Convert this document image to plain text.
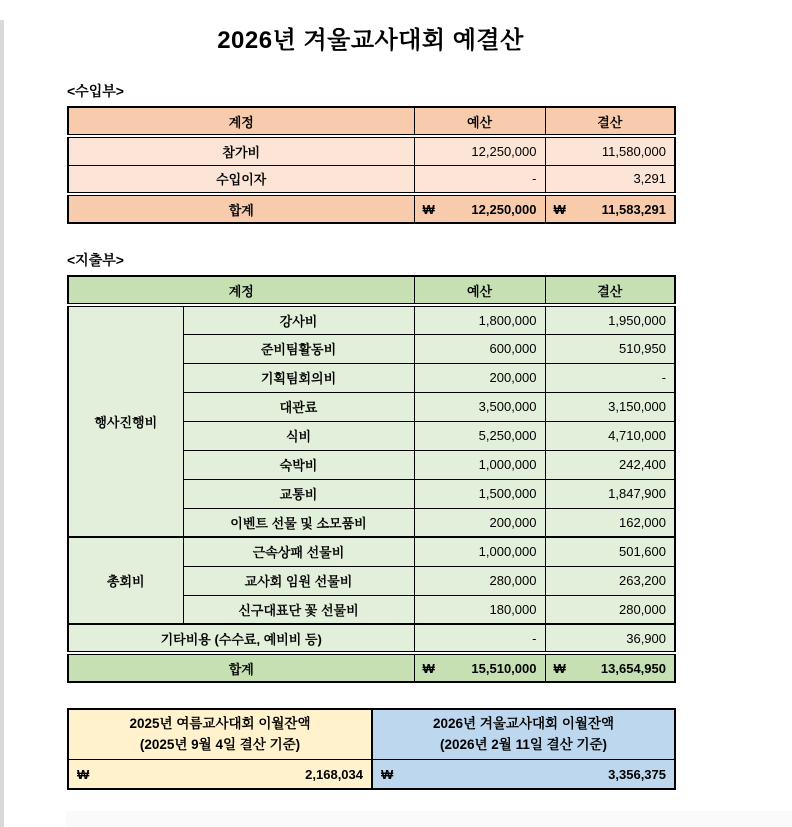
2026년 겨울교사대회 예결산
<수입부>
계정	예산	결산
참가비	12,250,000	11,580,000
수입이자	-	3,291
합계	₩ 12,250,000	₩ 11,583,291
<지출부>
계정		예산	결산
행사진행비	강사비	1,800,000	1,950,000
	준비팀활동비	600,000	510,950
	기획팀회의비	200,000	-
	대관료	3,500,000	3,150,000
	식비	5,250,000	4,710,000
	숙박비	1,000,000	242,400
	교통비	1,500,000	1,847,900
	이벤트 선물 및 소모품비	200,000	162,000
총회비	근속상패 선물비	1,000,000	501,600
	교사회 임원 선물비	280,000	263,200
	신구대표단 꽃 선물비	180,000	280,000
기타비용 (수수료, 예비비 등)		-	36,900
합계		₩ 15,510,000	₩ 13,654,950
2025년 여름교사대회 이월잔액
(2025년 9월 4일 결산 기준)
₩	2,168,034
2026년 겨울교사대회 이월잔액
(2026년 2월 11일 결산 기준)
₩	3,356,375
